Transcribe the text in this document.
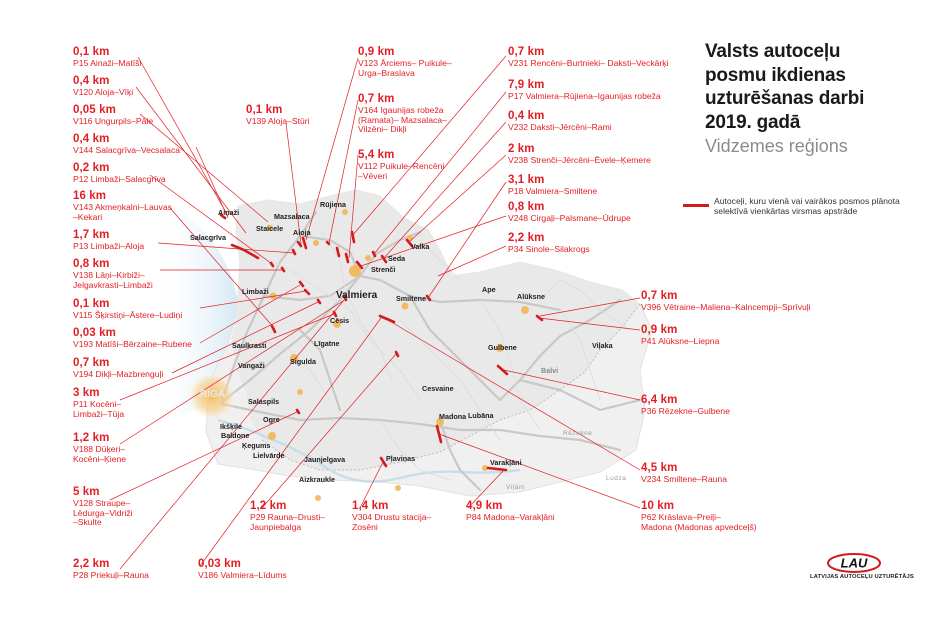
Ainaži	Mazsalaca
Rūjiena
Staicele Aloja
Salacgrīva
Valka
Seda
Strenči
Limbaži	Valmiera	Smiltene
Ape
Alūksne
Cēsis
Saulkrasti	Līgatne	Gulbene	Viļaka
Vangaži	Sigulda
Balvi
RĪGA
Salaspils
Cesvaine
Ogre
Ikšķile
Baldone
Ķegums
Lielvārde
Madona Lubāna
Jaunjelgava	Pļaviņas	Varakļāni
Aizkraukle
Rēzekne
Ludza
Viļāni
0,1 km
P15 Ainaži–Matīši
0,4 km
V120 Aloja–Vīķi
0,05 km
V116 Ungurpils–Pāle
0,4 km
V144 Salacgrīva–Vecsalaca
0,2 km
P12 Limbaži–Salacgrīva
16 km
V143 Akmeņkalni–Lauvas
–Kekari
1,7 km
P13 Limbaži–Aloja
0,8 km
V138 Lāņi–Kirbiži–
Jelgavkrasti–Limbaži
0,1 km
V115 Šķirstiņi–Āstere–Ludiņi
0,03 km
V193 Matīši–Bērzaine–Rubene
0,7 km
V194 Dikļi–Mazbrenguļi
3 km
P11 Kocēni–
Limbaži–Tūja
1,2 km
V188 Dūķeri–
Kocēni–Ķiene
5 km
V128 Straupe–
Lēdurga–Vidriži
–Skulte
2,2 km
P28 Priekuļi–Rauna
0,03 km
V186 Valmiera–Līdums
1,2 km
P29 Rauna–Drusti–
Jaunpiebalga
1,4 km
V304 Drustu stacija–
Zosēni
4,9 km
P84 Madona–Varakļāni
10 km
P62 Krāslava–Preiļi–
Madona (Madonas apvedceļš)
4,5 km
V234 Smiltene–Rauna
6,4 km
P36 Rēzekne–Gulbene
0,9 km
P41 Alūksne–Liepna
0,7 km
V396 Vētraine–Maliena–Kalncempji–Sprīvuļi
0,1 km
V139 Aloja–Stūri
0,9 km
V123 Ārciems– Puikule–
Urga–Braslava
0,7 km
V164 Igaunijas robeža
(Ramata)– Mazsalaca–
Vilzēni– Dikļi
5,4 km
V112 Puikule–Rencēni
–Vēveri
0,7 km
V231 Rencēni–Burtnieki– Daksti–Veckārķi
7,9 km
P17 Valmiera–Rūjiena–Igaunijas robeža
0,4 km
V232 Daksti–Jērcēni–Rami
2 km
V238 Strenči–Jērcēni–Ēvele–Ķemere
3,1 km
P18 Valmiera–Smiltene
0,8 km
V248 Cirgaļi–Palsmane–Ūdrupe
2,2 km
P34 Sinole–Silakrogs
Valsts autoceļu
posmu ikdienas
uzturēšanas darbi
2019. gadā
Vidzemes reģions
Autoceļi, kuru vienā vai vairākos posmos plānota selektīvā vienkārtas virsmas apstrāde
LAU
LATVIJAS AUTOCEĻU UZTURĒTĀJS
